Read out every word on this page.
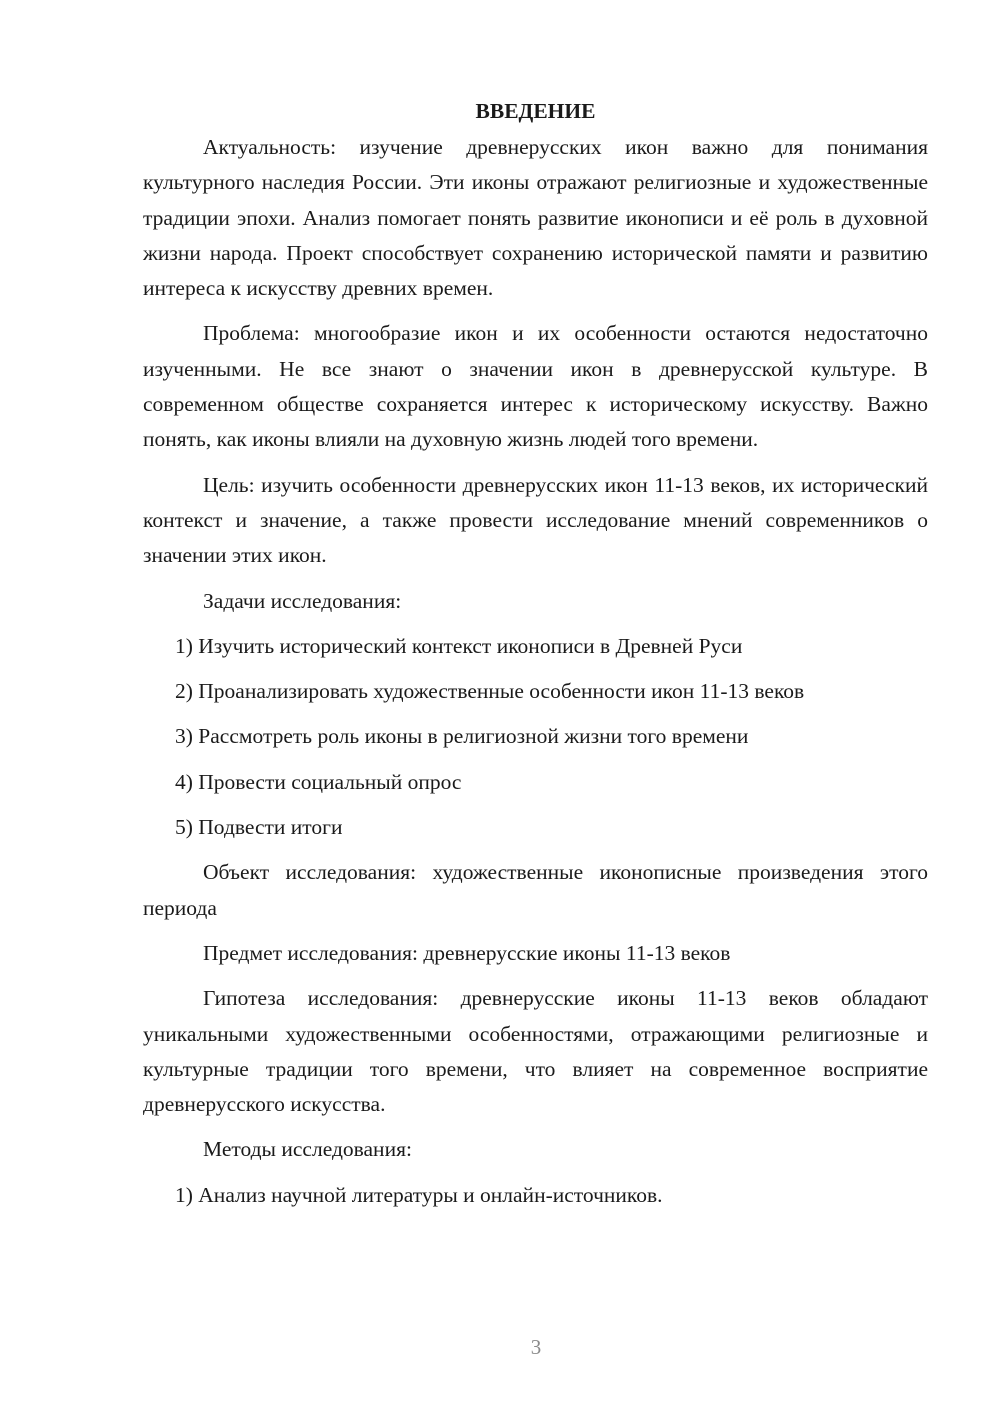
ВВЕДЕНИЕ

Актуальность: изучение древнерусских икон важно для понимания культурного наследия России. Эти иконы отражают религиозные и художественные традиции эпохи. Анализ помогает понять развитие иконописи и её роль в духовной жизни народа. Проект способствует сохранению исторической памяти и развитию интереса к искусству древних времен.

Проблема: многообразие икон и их особенности остаются недостаточно изученными. Не все знают о значении икон в древнерусской культуре. В современном обществе сохраняется интерес к историческому искусству. Важно понять, как иконы влияли на духовную жизнь людей того времени.

Цель: изучить особенности древнерусских икон 11-13 веков, их исторический контекст и значение, а также провести исследование мнений современников о значении этих икон.

Задачи исследования:
1) Изучить исторический контекст иконописи в Древней Руси
2) Проанализировать художественные особенности икон 11-13 веков
3) Рассмотреть роль иконы в религиозной жизни того времени
4) Провести социальный опрос
5) Подвести итоги

Объект исследования: художественные иконописные произведения этого периода

Предмет исследования: древнерусские иконы 11-13 веков

Гипотеза исследования: древнерусские иконы 11-13 веков обладают уникальными художественными особенностями, отражающими религиозные и культурные традиции того времени, что влияет на современное восприятие древнерусского искусства.

Методы исследования:
1) Анализ научной литературы и онлайн-источников.
3
